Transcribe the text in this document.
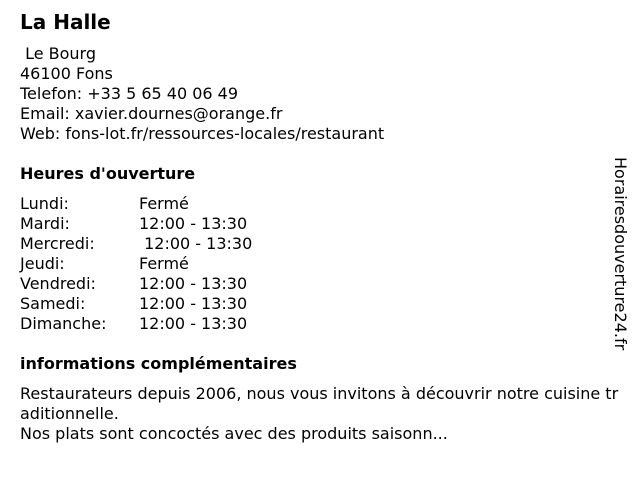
La Halle
Le Bourg
46100 Fons
Telefon: +33 5 65 40 06 49
Email: xavier.dournes@orange.fr
Web: fons-lot.fr/ressources-locales/restaurant
Heures d'ouverture
Lundi:	Fermé
Mardi:	12:00 - 13:30
Mercredi:	12:00 - 13:30
Jeudi:	Fermé
Vendredi:	12:00 - 13:30
Samedi:	12:00 - 13:30
Dimanche:	12:00 - 13:30
informations complémentaires

Restaurateurs depuis 2006, nous vous invitons à découvrir notre cuisine traditionnelle.

Nos plats sont concoctés avec des produits saisonn...

Horairesdouverture24.fr
